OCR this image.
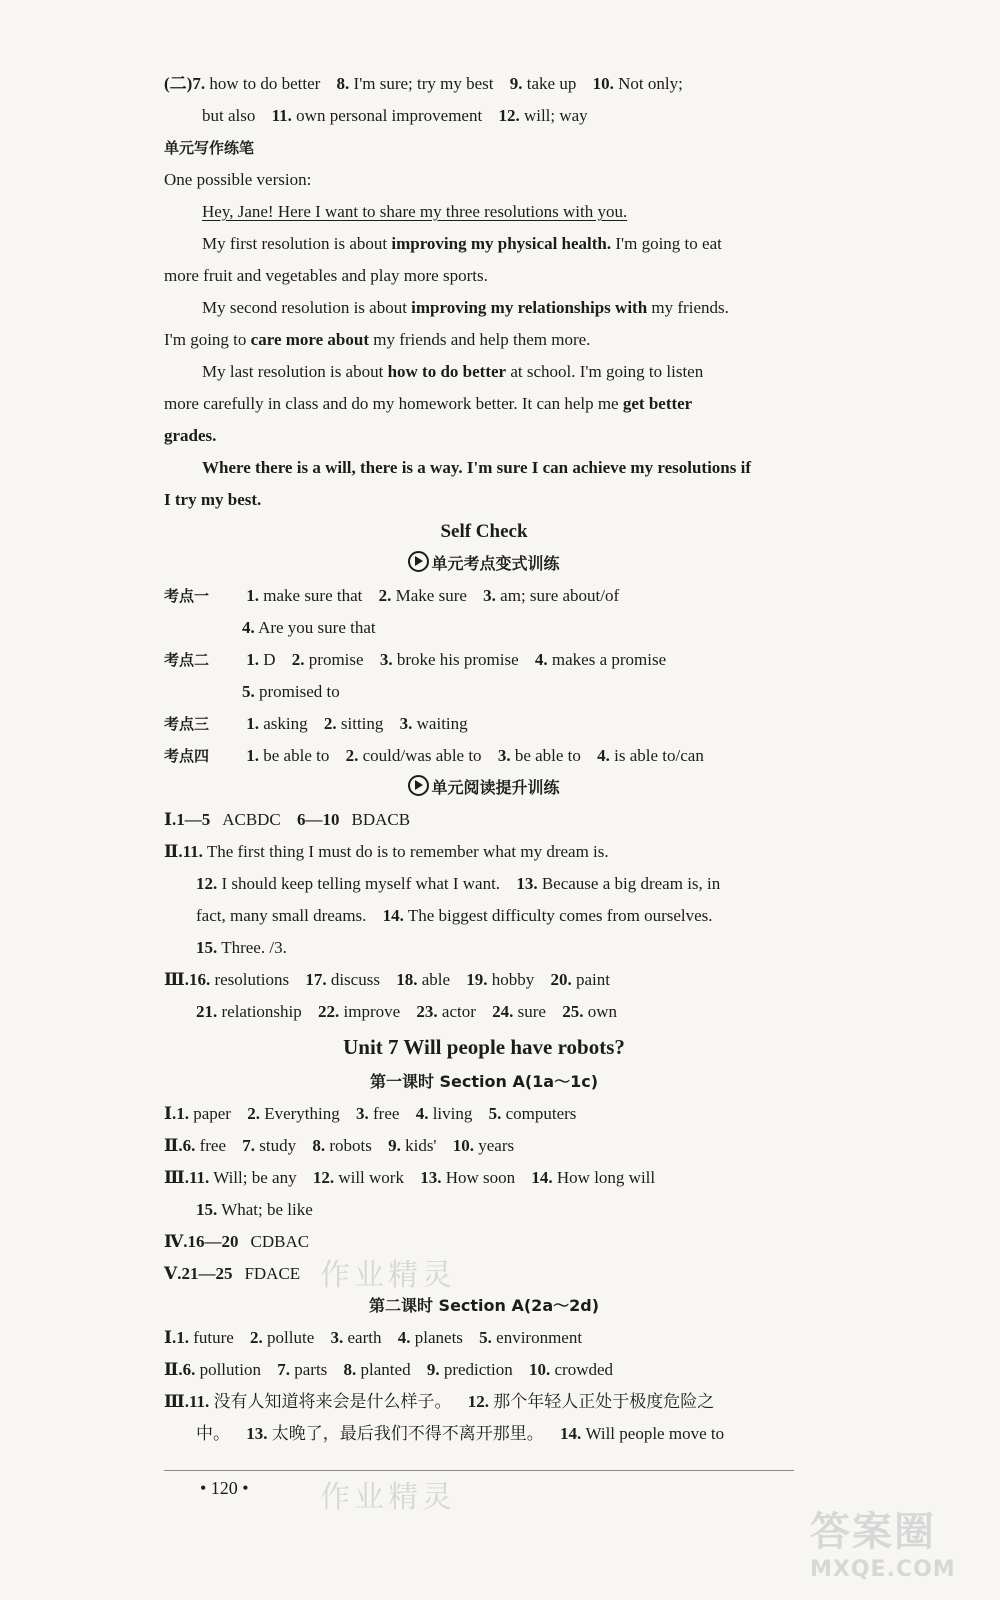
(二)7. how to do better 8. I'm sure; try my best 9. take up 10. Not only;
but also 11. own personal improvement 12. will; way
单元写作练笔
One possible version:
Hey, Jane! Here I want to share my three resolutions with you.
My first resolution is about improving my physical health. I'm going to eat
more fruit and vegetables and play more sports.
My second resolution is about improving my relationships with my friends.
I'm going to care more about my friends and help them more.
My last resolution is about how to do better at school. I'm going to listen
more carefully in class and do my homework better. It can help me get better
grades.
Where there is a will, there is a way. I'm sure I can achieve my resolutions if
I try my best.
Self Check
单元考点变式训练
考点一 1. make sure that 2. Make sure 3. am; sure about/of
4. Are you sure that
考点二 1. D 2. promise 3. broke his promise 4. makes a promise
5. promised to
考点三 1. asking 2. sitting 3. waiting
考点四 1. be able to 2. could/was able to 3. be able to 4. is able to/can
单元阅读提升训练
Ⅰ.1—5 ACBDC 6—10 BDACB
Ⅱ.11. The first thing I must do is to remember what my dream is.
12. I should keep telling myself what I want. 13. Because a big dream is, in
fact, many small dreams. 14. The biggest difficulty comes from ourselves.
15. Three. /3.
Ⅲ.16. resolutions 17. discuss 18. able 19. hobby 20. paint
21. relationship 22. improve 23. actor 24. sure 25. own
Unit 7 Will people have robots?
第一课时 Section A(1a～1c)
Ⅰ.1. paper 2. Everything 3. free 4. living 5. computers
Ⅱ.6. free 7. study 8. robots 9. kids' 10. years
Ⅲ.11. Will; be any 12. will work 13. How soon 14. How long will
15. What; be like
Ⅳ.16—20 CDBAC
Ⅴ.21—25 FDACE
第二课时 Section A(2a～2d)
Ⅰ.1. future 2. pollute 3. earth 4. planets 5. environment
Ⅱ.6. pollution 7. parts 8. planted 9. prediction 10. crowded
Ⅲ.11. 没有人知道将来会是什么样子。 12. 那个年轻人正处于极度危险之
中。 13. 太晚了，最后我们不得不离开那里。 14. Will people move to
• 120 •
作业精灵
作业精灵
答案圈
MXQE.COM
